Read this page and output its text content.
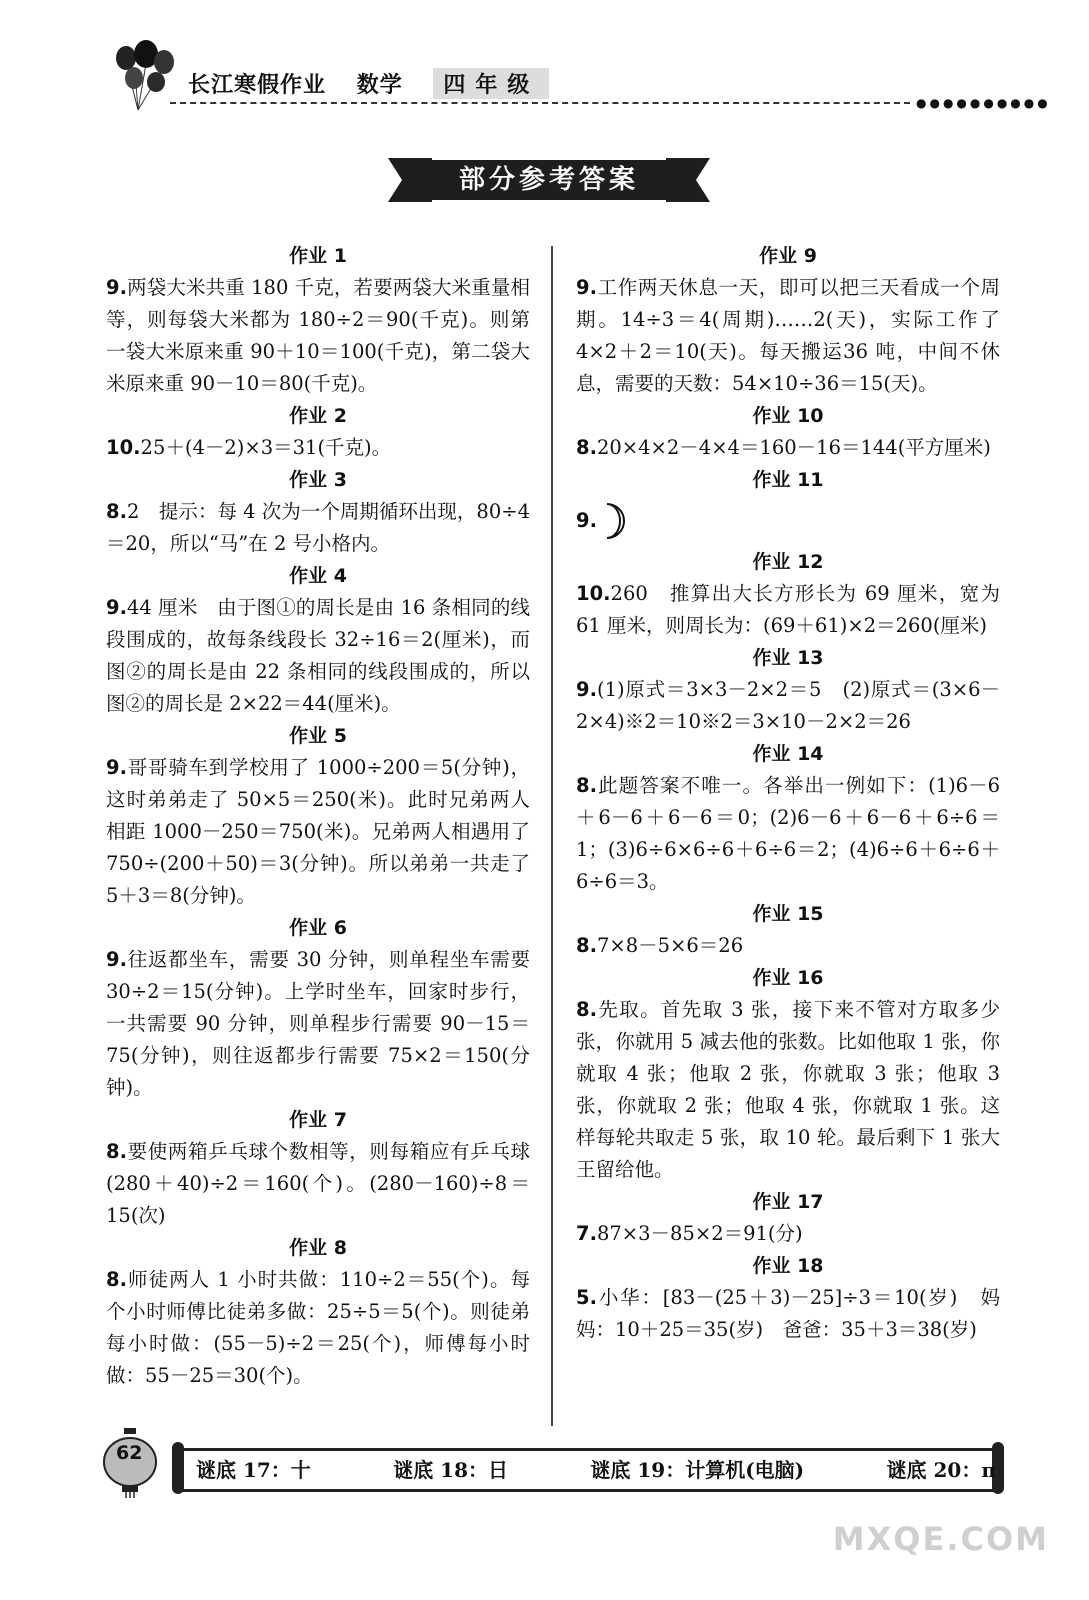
长江寒假作业 数学 四年级
●●●●●●●●●●
部分参考答案
作业 1
9.两袋大米共重 180 千克，若要两袋大米重量相等，则每袋大米都为 180÷2＝90(千克)。则第一袋大米原来重 90＋10＝100(千克)，第二袋大米原来重 90－10＝80(千克)。
作业 2
10.25＋(4－2)×3＝31(千克)。
作业 3
8.2　提示：每 4 次为一个周期循环出现，80÷4＝20，所以“马”在 2 号小格内。
作业 4
9.44 厘米　由于图①的周长是由 16 条相同的线段围成的，故每条线段长 32÷16＝2(厘米)，而图②的周长是由 22 条相同的线段围成的，所以图②的周长是 2×22＝44(厘米)。
作业 5
9.哥哥骑车到学校用了 1000÷200＝5(分钟)，这时弟弟走了 50×5＝250(米)。此时兄弟两人相距 1000－250＝750(米)。兄弟两人相遇用了 750÷(200＋50)＝3(分钟)。所以弟弟一共走了 5＋3＝8(分钟)。
作业 6
9.往返都坐车，需要 30 分钟，则单程坐车需要 30÷2＝15(分钟)。上学时坐车，回家时步行，一共需要 90 分钟，则单程步行需要 90－15＝75(分钟)，则往返都步行需要 75×2＝150(分钟)。
作业 7
8.要使两箱乒乓球个数相等，则每箱应有乒乓球(280＋40)÷2＝160(个)。(280－160)÷8＝15(次)
作业 8
8.师徒两人 1 小时共做：110÷2＝55(个)。每个小时师傅比徒弟多做：25÷5＝5(个)。则徒弟每小时做：(55－5)÷2＝25(个)，师傅每小时做：55－25＝30(个)。
作业 9
9.工作两天休息一天，即可以把三天看成一个周期。14÷3＝4(周期)……2(天)，实际工作了 4×2＋2＝10(天)。每天搬运36 吨，中间不休息，需要的天数：54×10÷36＝15(天)。
作业 10
8.20×4×2－4×4＝160－16＝144(平方厘米)
作业 11
9.
作业 12
10.260　推算出大长方形长为 69 厘米，宽为 61 厘米，则周长为：(69＋61)×2＝260(厘米)
作业 13
9.(1)原式＝3×3－2×2＝5　(2)原式＝(3×6－2×4)※2＝10※2＝3×10－2×2＝26
作业 14
8.此题答案不唯一。各举出一例如下：(1)6－6＋6－6＋6－6＝0；(2)6－6＋6－6＋6÷6＝1；(3)6÷6×6÷6＋6÷6＝2；(4)6÷6＋6÷6＋6÷6＝3。
作业 15
8.7×8－5×6＝26
作业 16
8.先取。首先取 3 张，接下来不管对方取多少张，你就用 5 减去他的张数。比如他取 1 张，你就取 4 张；他取 2 张，你就取 3 张；他取 3 张，你就取 2 张；他取 4 张，你就取 1 张。这样每轮共取走 5 张，取 10 轮。最后剩下 1 张大王留给他。
作业 17
7.87×3－85×2＝91(分)
作业 18
5.小华：[83－(25＋3)－25]÷3＝10(岁)　妈妈：10＋25＝35(岁)　爸爸：35＋3＝38(岁)
62
谜底 17：十	谜底 18：日	谜底 19：计算机(电脑)	谜底 20：π
MXQE.COM
